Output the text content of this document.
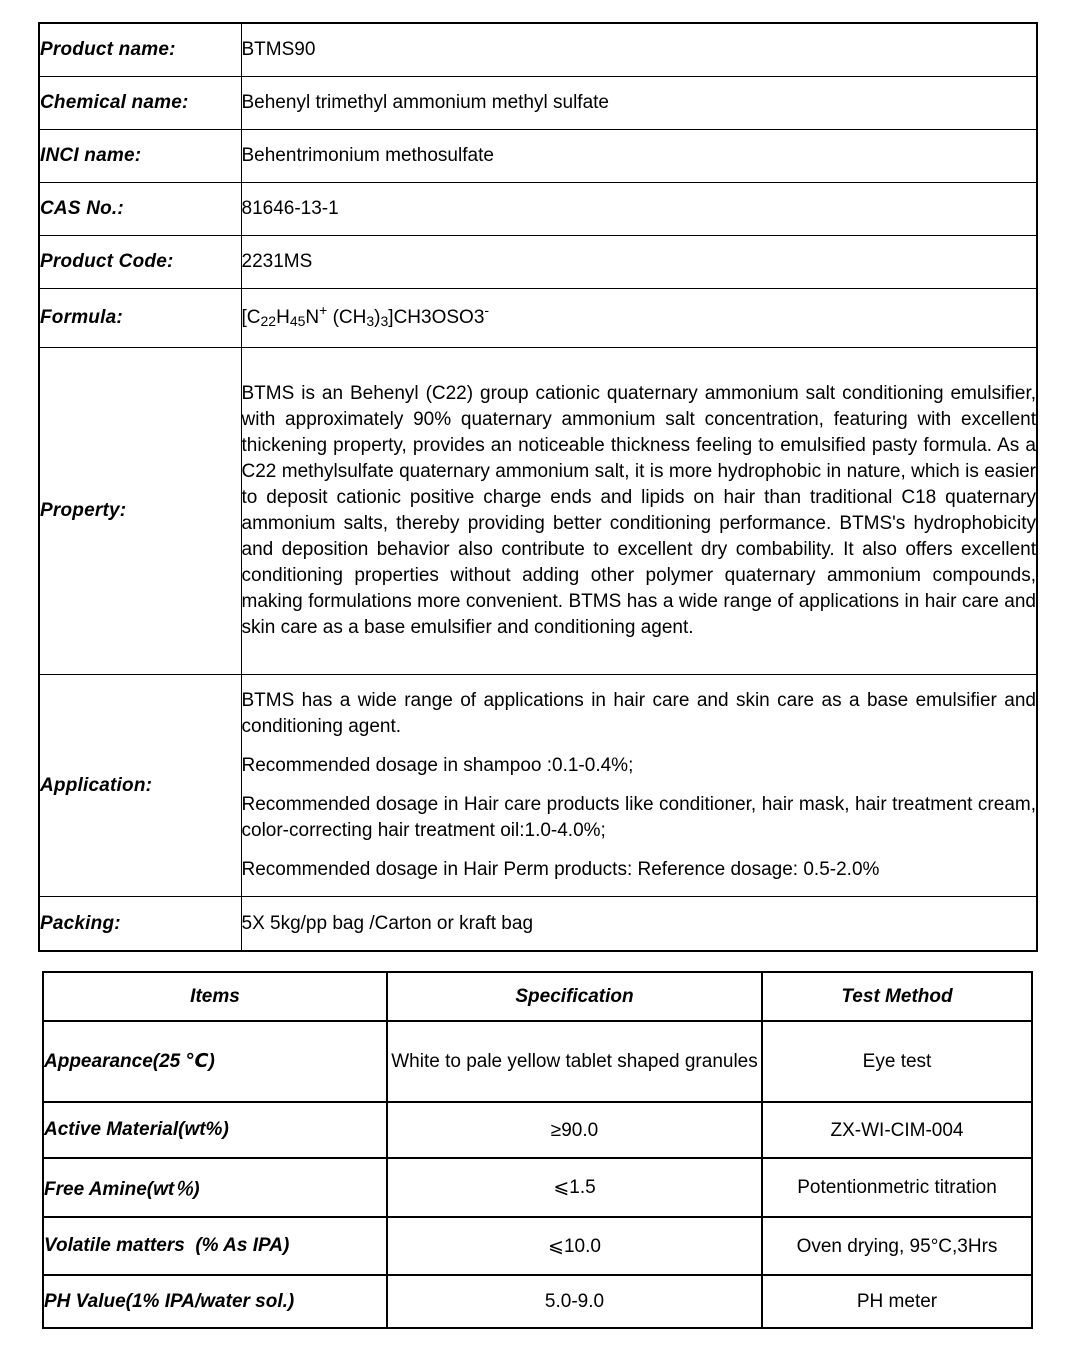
Product name:	BTMS90
Chemical name:	Behenyl trimethyl ammonium methyl sulfate
INCI name:	Behentrimonium methosulfate
CAS No.:	81646-13-1
Product Code:	2231MS
Formula:	[$C_{22}H_{45}N^+$ $(CH_3)_3]CH3OSO3^-$
Property:	BTMS is an Behenyl (C22) group cationic quaternary ammonium salt conditioning emulsifier, with approximately 90% quaternary ammonium salt concentration, featuring with excellent thickening property, provides an noticeable thickness feeling to emulsified pasty formula. As a C22 methylsulfate quaternary ammonium salt, it is more hydrophobic in nature, which is easier to deposit cationic positive charge ends and lipids on hair than traditional C18 quaternary ammonium salts, thereby providing better conditioning performance. BTMS's hydrophobicity and deposition behavior also contribute to excellent dry combability. It also offers excellent conditioning properties without adding other polymer quaternary ammonium compounds, making formulations more convenient. BTMS has a wide range of applications in hair care and skin care as a base emulsifier and conditioning agent.

Application:	BTMS has a wide range of applications in hair care and skin care as a base emulsifier and conditioning agent.

Recommended dosage in shampoo :0.1-0.4%;

Recommended dosage in Hair care products like conditioner, hair mask, hair treatment cream, color-correcting hair treatment oil:1.0-4.0%;

Recommended dosage in Hair Perm products: Reference dosage: 0.5-2.0%

Packing:	5X 5kg/pp bag /Carton or kraft bag
Items	Specification	Test Method
Appearance(25 ℃)	White to pale yellow tablet shaped granules	Eye test
Active Material(wt%)	≥90.0	ZX-WI-CIM-004
Free Amine(wt％)	⩽1.5	Potentionmetric titration
Volatile matters  (% As IPA)	⩽10.0	Oven drying, 95°C,3Hrs
PH Value(1% IPA/water sol.)	5.0-9.0	PH meter
